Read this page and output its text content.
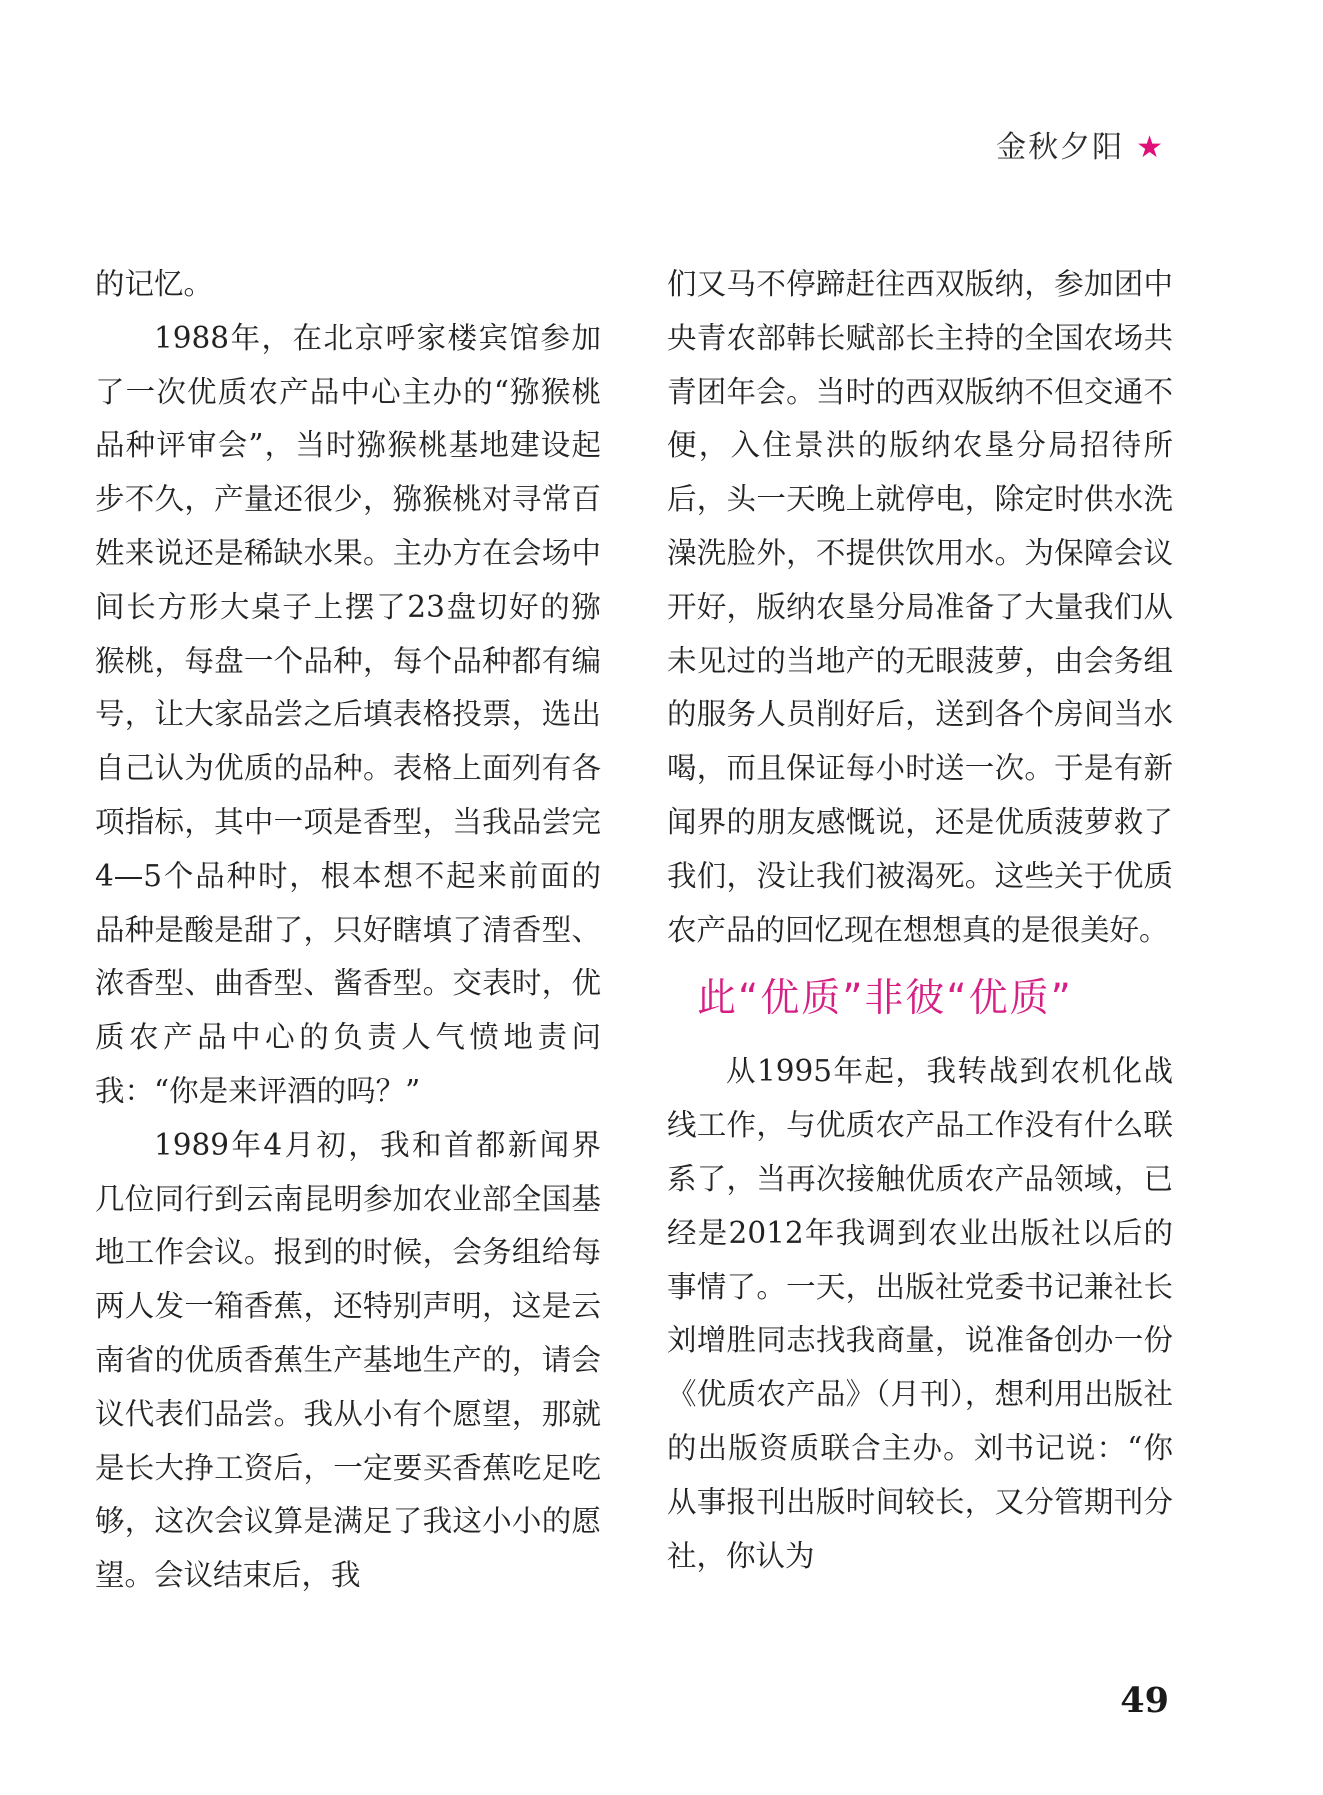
金秋夕阳 ★

的记忆。

1988年，在北京呼家楼宾馆参加了一次优质农产品中心主办的“猕猴桃品种评审会”，当时猕猴桃基地建设起步不久，产量还很少，猕猴桃对寻常百姓来说还是稀缺水果。主办方在会场中间长方形大桌子上摆了23盘切好的猕猴桃，每盘一个品种，每个品种都有编号，让大家品尝之后填表格投票，选出自己认为优质的品种。表格上面列有各项指标，其中一项是香型，当我品尝完4—5个品种时，根本想不起来前面的品种是酸是甜了，只好瞎填了清香型、浓香型、曲香型、酱香型。交表时，优质农产品中心的负责人气愤地责问我：“你是来评酒的吗？”

1989年4月初，我和首都新闻界几位同行到云南昆明参加农业部全国基地工作会议。报到的时候，会务组给每两人发一箱香蕉，还特别声明，这是云南省的优质香蕉生产基地生产的，请会议代表们品尝。我从小有个愿望，那就是长大挣工资后，一定要买香蕉吃足吃够，这次会议算是满足了我这小小的愿望。会议结束后，我

们又马不停蹄赶往西双版纳，参加团中央青农部韩长赋部长主持的全国农场共青团年会。当时的西双版纳不但交通不便，入住景洪的版纳农垦分局招待所后，头一天晚上就停电，除定时供水洗澡洗脸外，不提供饮用水。为保障会议开好，版纳农垦分局准备了大量我们从未见过的当地产的无眼菠萝，由会务组的服务人员削好后，送到各个房间当水喝，而且保证每小时送一次。于是有新闻界的朋友感慨说，还是优质菠萝救了我们，没让我们被渴死。这些关于优质农产品的回忆现在想想真的是很美好。

此“优质”非彼“优质”

从1995年起，我转战到农机化战线工作，与优质农产品工作没有什么联系了，当再次接触优质农产品领域，已经是2012年我调到农业出版社以后的事情了。一天，出版社党委书记兼社长刘增胜同志找我商量，说准备创办一份《优质农产品》（月刊），想利用出版社的出版资质联合主办。刘书记说：“你从事报刊出版时间较长，又分管期刊分社，你认为

49
